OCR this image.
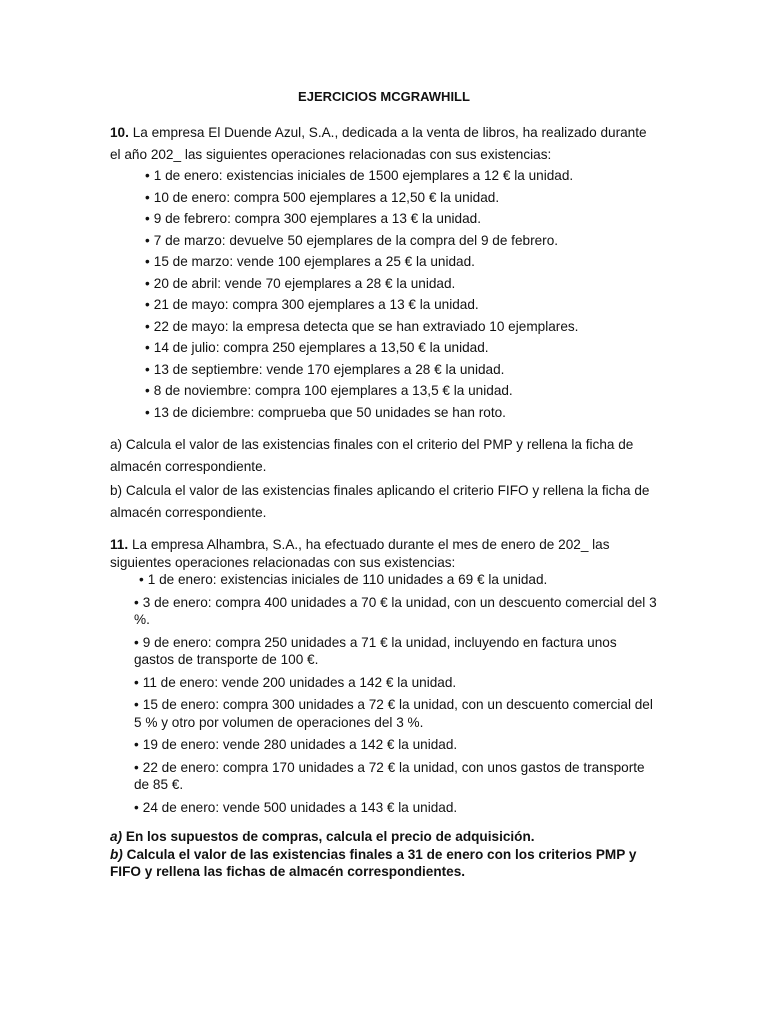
EJERCICIOS MCGRAWHILL

10. La empresa El Duende Azul, S.A., dedicada a la venta de libros, ha realizado durante el año 202_ las siguientes operaciones relacionadas con sus existencias:

• 1 de enero: existencias iniciales de 1500 ejemplares a 12 € la unidad.
• 10 de enero: compra 500 ejemplares a 12,50 € la unidad.
• 9 de febrero: compra 300 ejemplares a 13 € la unidad.
• 7 de marzo: devuelve 50 ejemplares de la compra del 9 de febrero.
• 15 de marzo: vende 100 ejemplares a 25 € la unidad.
• 20 de abril: vende 70 ejemplares a 28 € la unidad.
• 21 de mayo: compra 300 ejemplares a 13 € la unidad.
• 22 de mayo: la empresa detecta que se han extraviado 10 ejemplares.
• 14 de julio: compra 250 ejemplares a 13,50 € la unidad.
• 13 de septiembre: vende 170 ejemplares a 28 € la unidad.
• 8 de noviembre: compra 100 ejemplares a 13,5 € la unidad.
• 13 de diciembre: comprueba que 50 unidades se han roto.

a) Calcula el valor de las existencias finales con el criterio del PMP y rellena la ficha de almacén correspondiente.

b) Calcula el valor de las existencias finales aplicando el criterio FIFO y rellena la ficha de almacén correspondiente.

11. La empresa Alhambra, S.A., ha efectuado durante el mes de enero de 202_ las siguientes operaciones relacionadas con sus existencias:

• 1 de enero: existencias iniciales de 110 unidades a 69 € la unidad.
• 3 de enero: compra 400 unidades a 70 € la unidad, con un descuento comercial del 3 %.
• 9 de enero: compra 250 unidades a 71 € la unidad, incluyendo en factura unos gastos de transporte de 100 €.
• 11 de enero: vende 200 unidades a 142 € la unidad.
• 15 de enero: compra 300 unidades a 72 € la unidad, con un descuento comercial del 5 % y otro por volumen de operaciones del 3 %.
• 19 de enero: vende 280 unidades a 142 € la unidad.
• 22 de enero: compra 170 unidades a 72 € la unidad, con unos gastos de transporte de 85 €.
• 24 de enero: vende 500 unidades a 143 € la unidad.

a) En los supuestos de compras, calcula el precio de adquisición.

b) Calcula el valor de las existencias finales a 31 de enero con los criterios PMP y FIFO y rellena las fichas de almacén correspondientes.
